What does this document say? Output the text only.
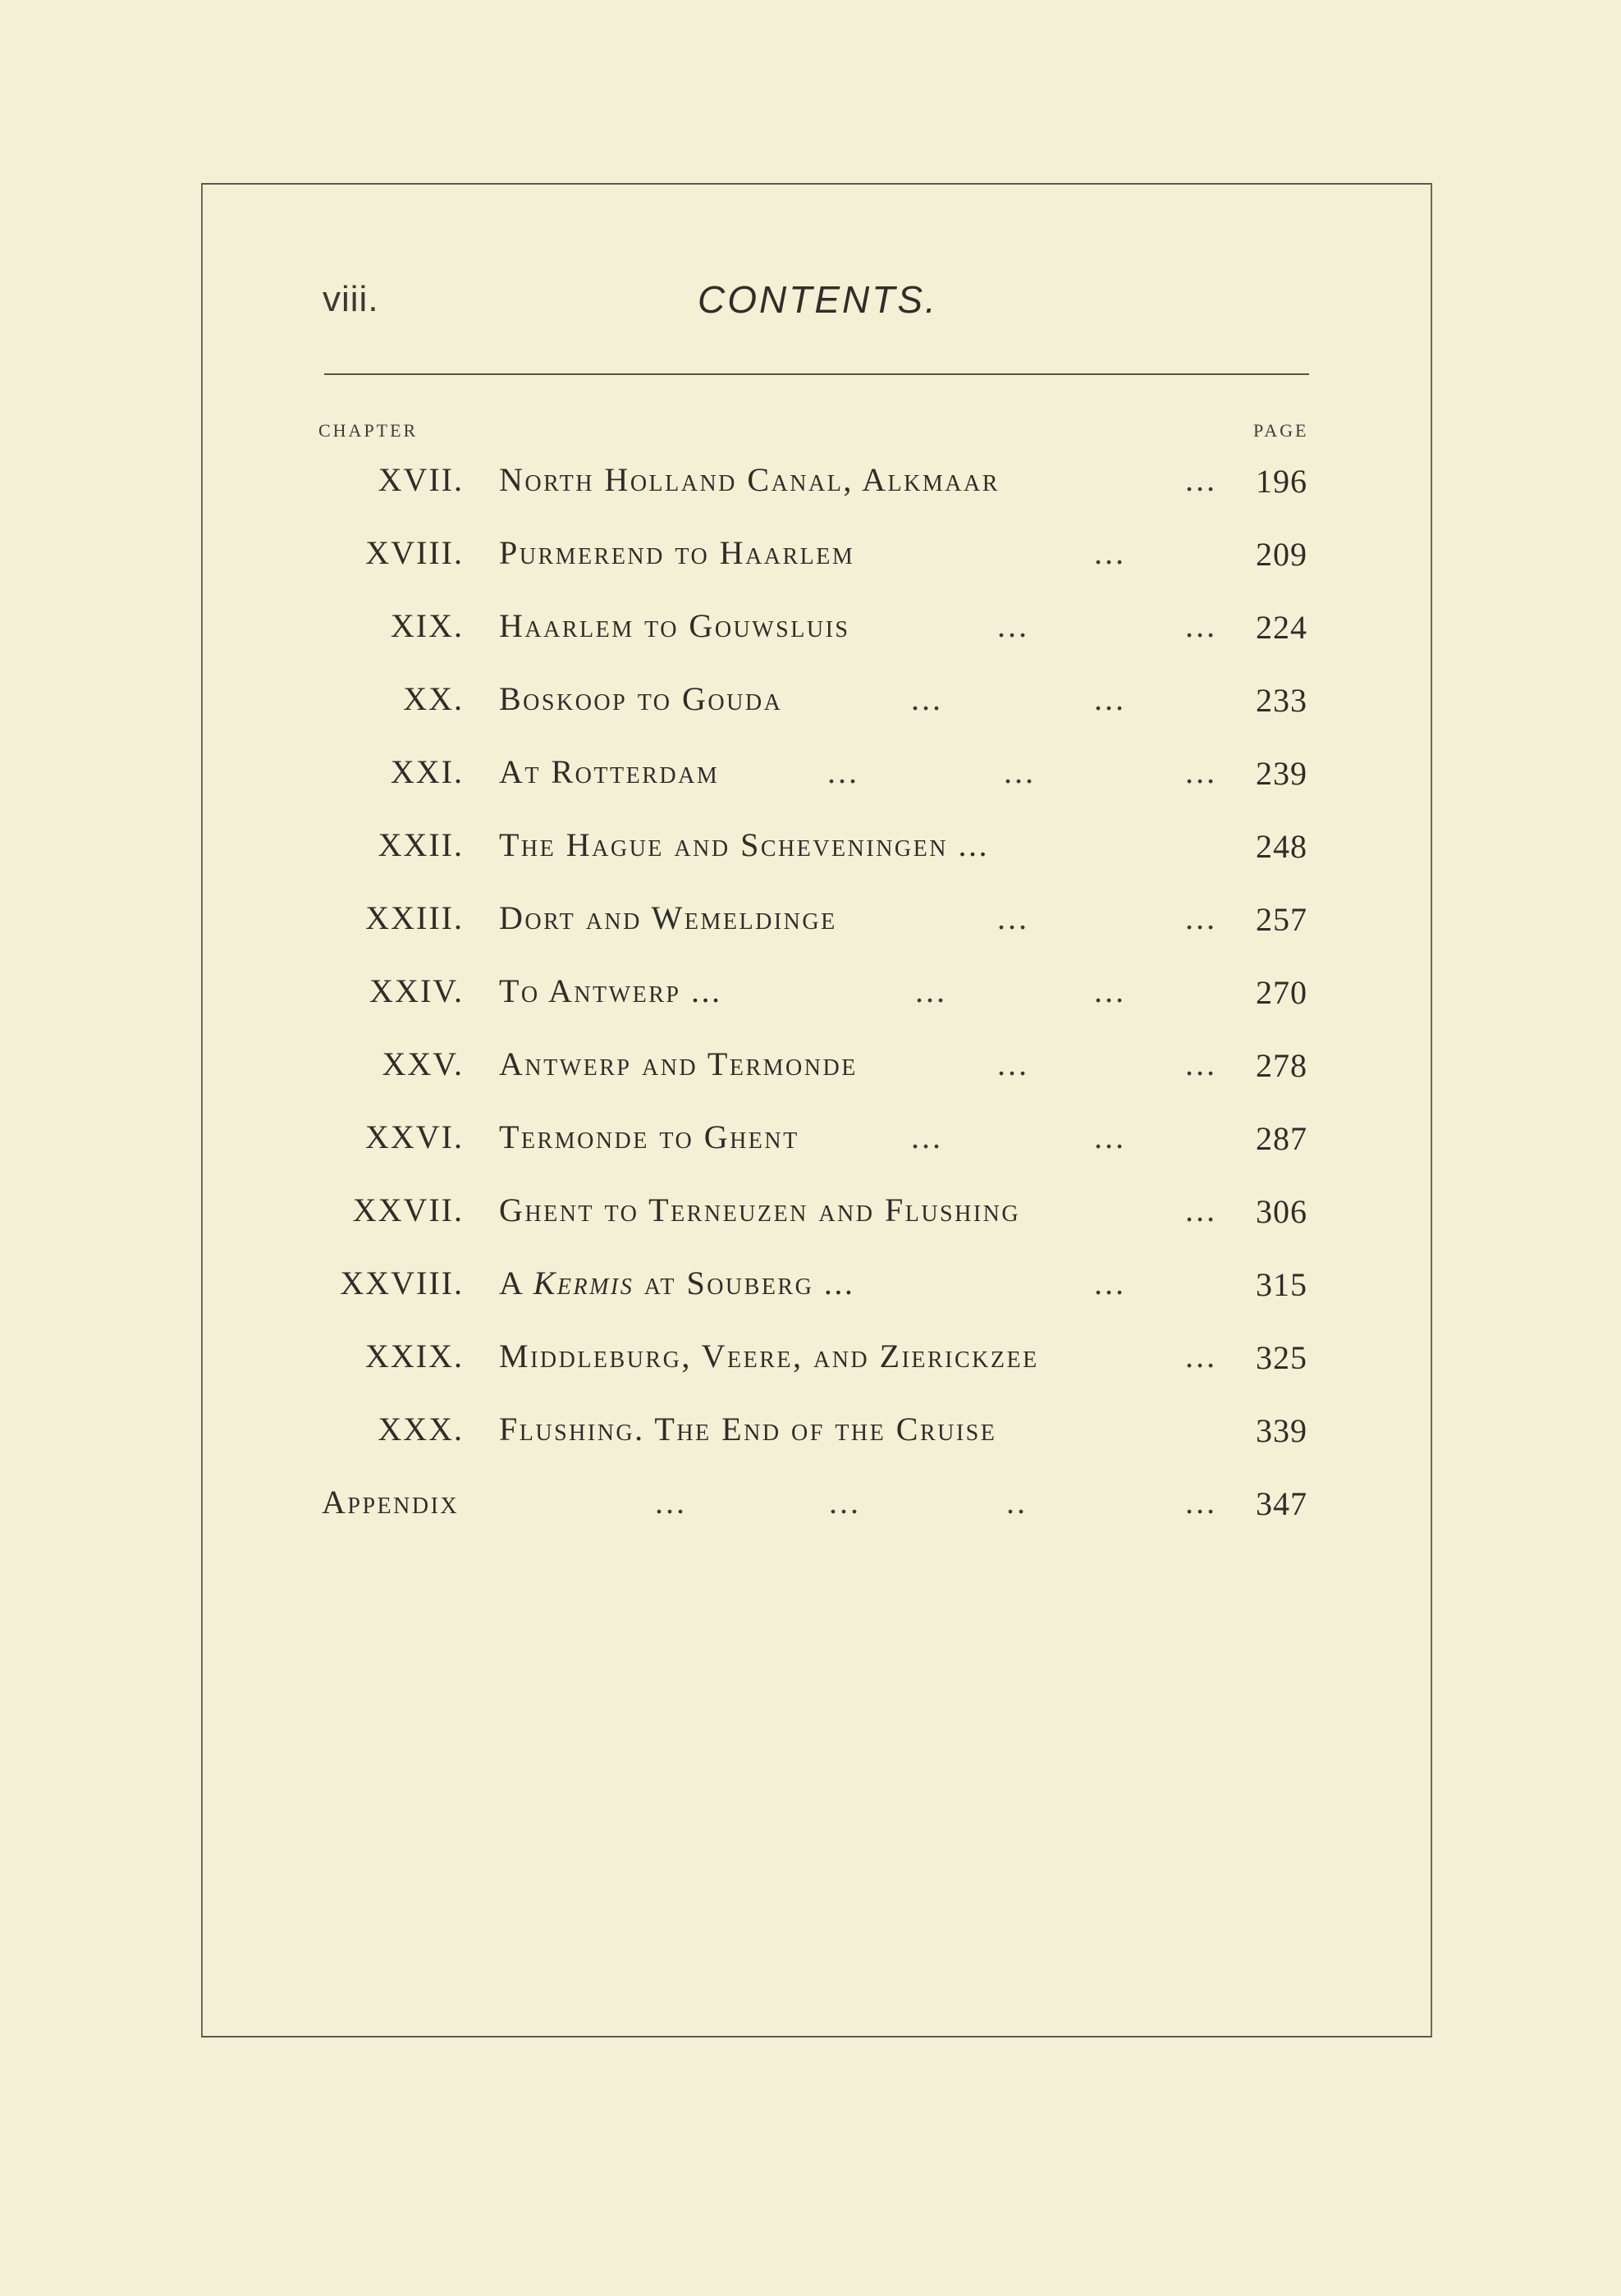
viii.	CONTENTS.
CHAPTER	PAGE
XVII. North Holland Canal, Alkmaar	... 196
XVIII. Purmerend to Haarlem	...	209
XIX. Haarlem to Gouwsluis	...	... 224
XX. Boskoop to Gouda	...	...	233
XXI. At Rotterdam	...	...	... 239
XXII. The Hague and Scheveningen ...	248
XXIII. Dort and Wemeldinge	...	... 257
XXIV. To Antwerp ...	...	...	270
XXV. Antwerp and Termonde	...	... 278
XXVI. Termonde to Ghent	...	...	287
XXVII. Ghent to Terneuzen and Flushing	... 306
XXVIII. A Kermis at Souberg ...	...	315
XXIX. Middleburg, Veere, and Zierickzee	... 325
XXX. Flushing. The End of the Cruise	339
Appendix	...	...	..	... 347
